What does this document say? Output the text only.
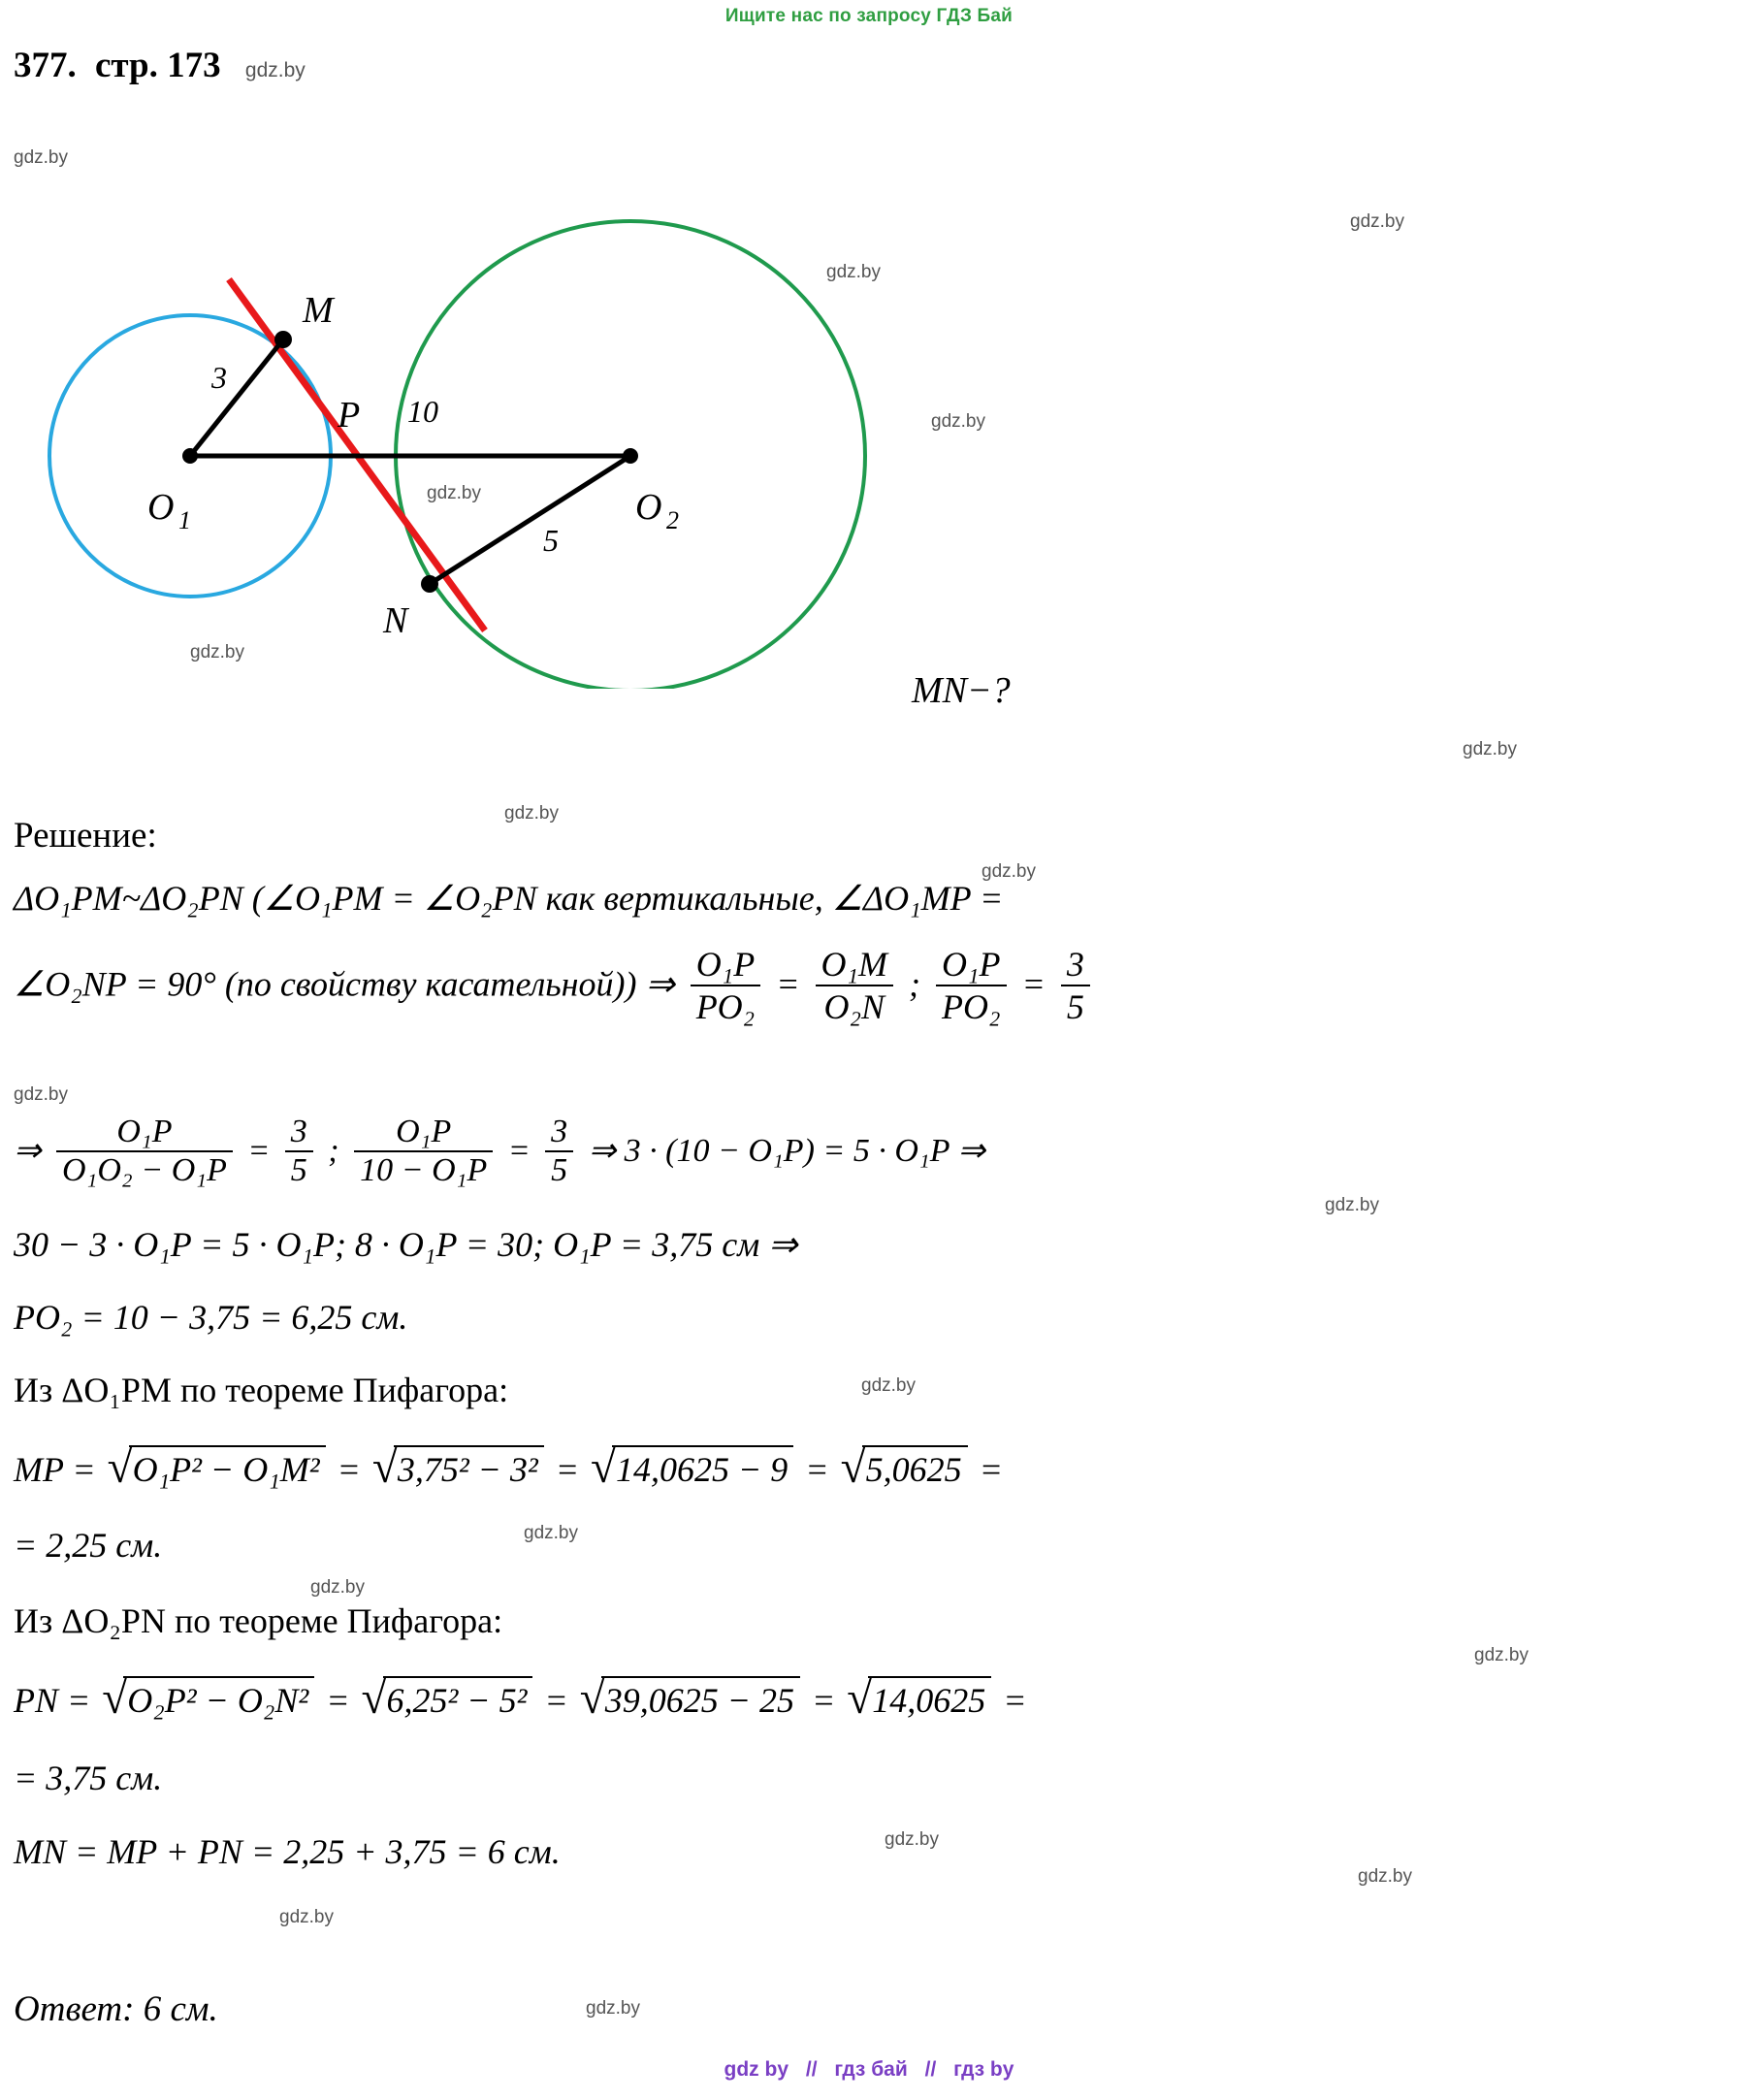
Ищите нас по запросу ГДЗ Бай
377. стр. 173 gdz.by
gdz.by
gdz.by
gdz.by
gdz.by
gdz.by
gdz.by
gdz.by
gdz.by
gdz.by
gdz.by
gdz.by
gdz.by
gdz.by
gdz.by
gdz.by
gdz.by
gdz.by
gdz.by
gdz.by
O 1	O 2
M
N
P
3
10
5
MN−?
Решение:
ΔO₁PM~ΔO₂PN (∠O₁PM = ∠O₂PN как вертикальные, ∠ΔO₁MP =
∠O₂NP = 90° (по свойству касательной)) ⇒ $\frac{\text{O₁P}}{\text{PO₂}} = \frac{\text{O₁M}}{\text{O₂N}}$ ; $\frac{\text{O₁P}}{\text{PO₂}} = \frac{3}{5}$
⇒ $\frac{\text{O₁P}}{\text{O₁O₂ − O₁P}} = \frac{3}{5}$ ; $\frac{\text{O₁P}}{\text{10 − O₁P}} = \frac{3}{5}$ ⇒ 3 · (10 − O₁P) = 5 · O₁P ⇒
30 − 3 · O₁P = 5 · O₁P; 8 · O₁P = 30; O₁P = 3,75 см ⇒
PO₂ = 10 − 3,75 = 6,25 см.
Из ΔO₁PM по теореме Пифагора:
MP = √ O₁P² − O₁M² = √ 3,75² − 3² = √ 14,0625 − 9 = √ 5,0625 =
= 2,25 см.
Из ΔO₂PN по теореме Пифагора:
PN = √ O₂P² − O₂N² = √ 6,25² − 5² = √ 39,0625 − 25 = √ 14,0625 =
= 3,75 см.
MN = MP + PN = 2,25 + 3,75 = 6 см.
Ответ: 6 см.
gdz by // гдз бай // гдз by
